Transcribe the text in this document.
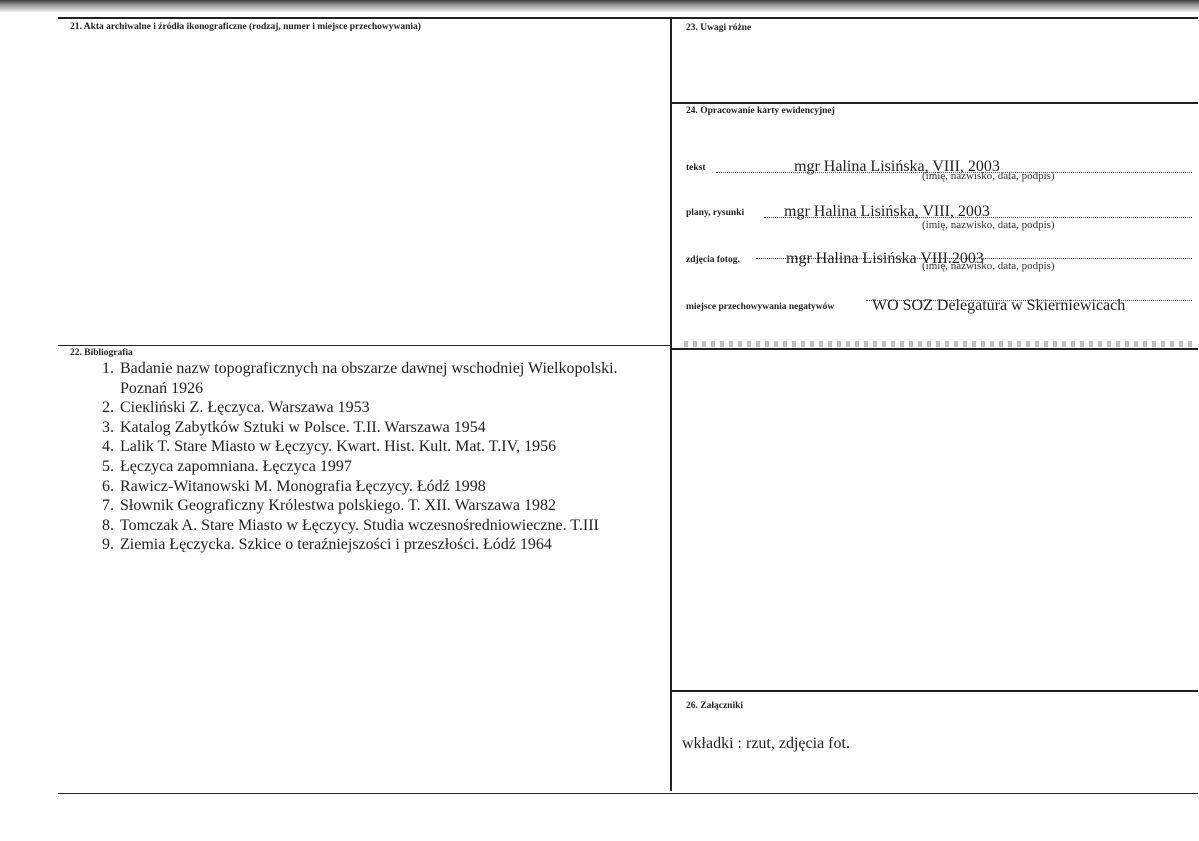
21. Akta archiwalne i źródła ikonograficzne (rodzaj, numer i miejsce przechowywania)	23. Uwagi różne
24. Opracowanie karty ewidencyjnej
tekst	mgr Halina Lisińska, VIII, 2003
(imię, nazwisko, data, podpis)
plany, rysunki mgr Halina Lisińska, VIII, 2003
(imię, nazwisko, data, podpis)
zdjęcia fotog.	mgr Halina Lisińska VIII.2003
(imię, nazwisko, data, podpis)
miejsce przechowywania negatywów WO SOZ Delegatura w Skierniewicach
22. Bibliografia
1. Badanie nazw topograficznych na obszarze dawnej wschodniej Wielkopolski.
Poznań 1926
2. Cieкliński Z. Łęczyca. Warszawa 1953
3. Katalog Zabytków Sztuki w Polsce. T.II. Warszawa 1954
4. Lalik T. Stare Miasto w Łęczycy. Kwart. Hist. Kult. Mat. T.IV, 1956
5. Łęczyca zapomniana. Łęczyca 1997
6. Rawicz-Witanowski M. Monografia Łęczycy. Łódź 1998
7. Słownik Geograficzny Królestwa polskiego. T. XII. Warszawa 1982
8. Tomczak A. Stare Miasto w Łęczycy. Studia wczesnośredniowieczne. T.III
9. Ziemia Łęczycka. Szkice o teraźniejszości i przeszłości. Łódź 1964
26. Załączniki
wkładki : rzut, zdjęcia fot.
